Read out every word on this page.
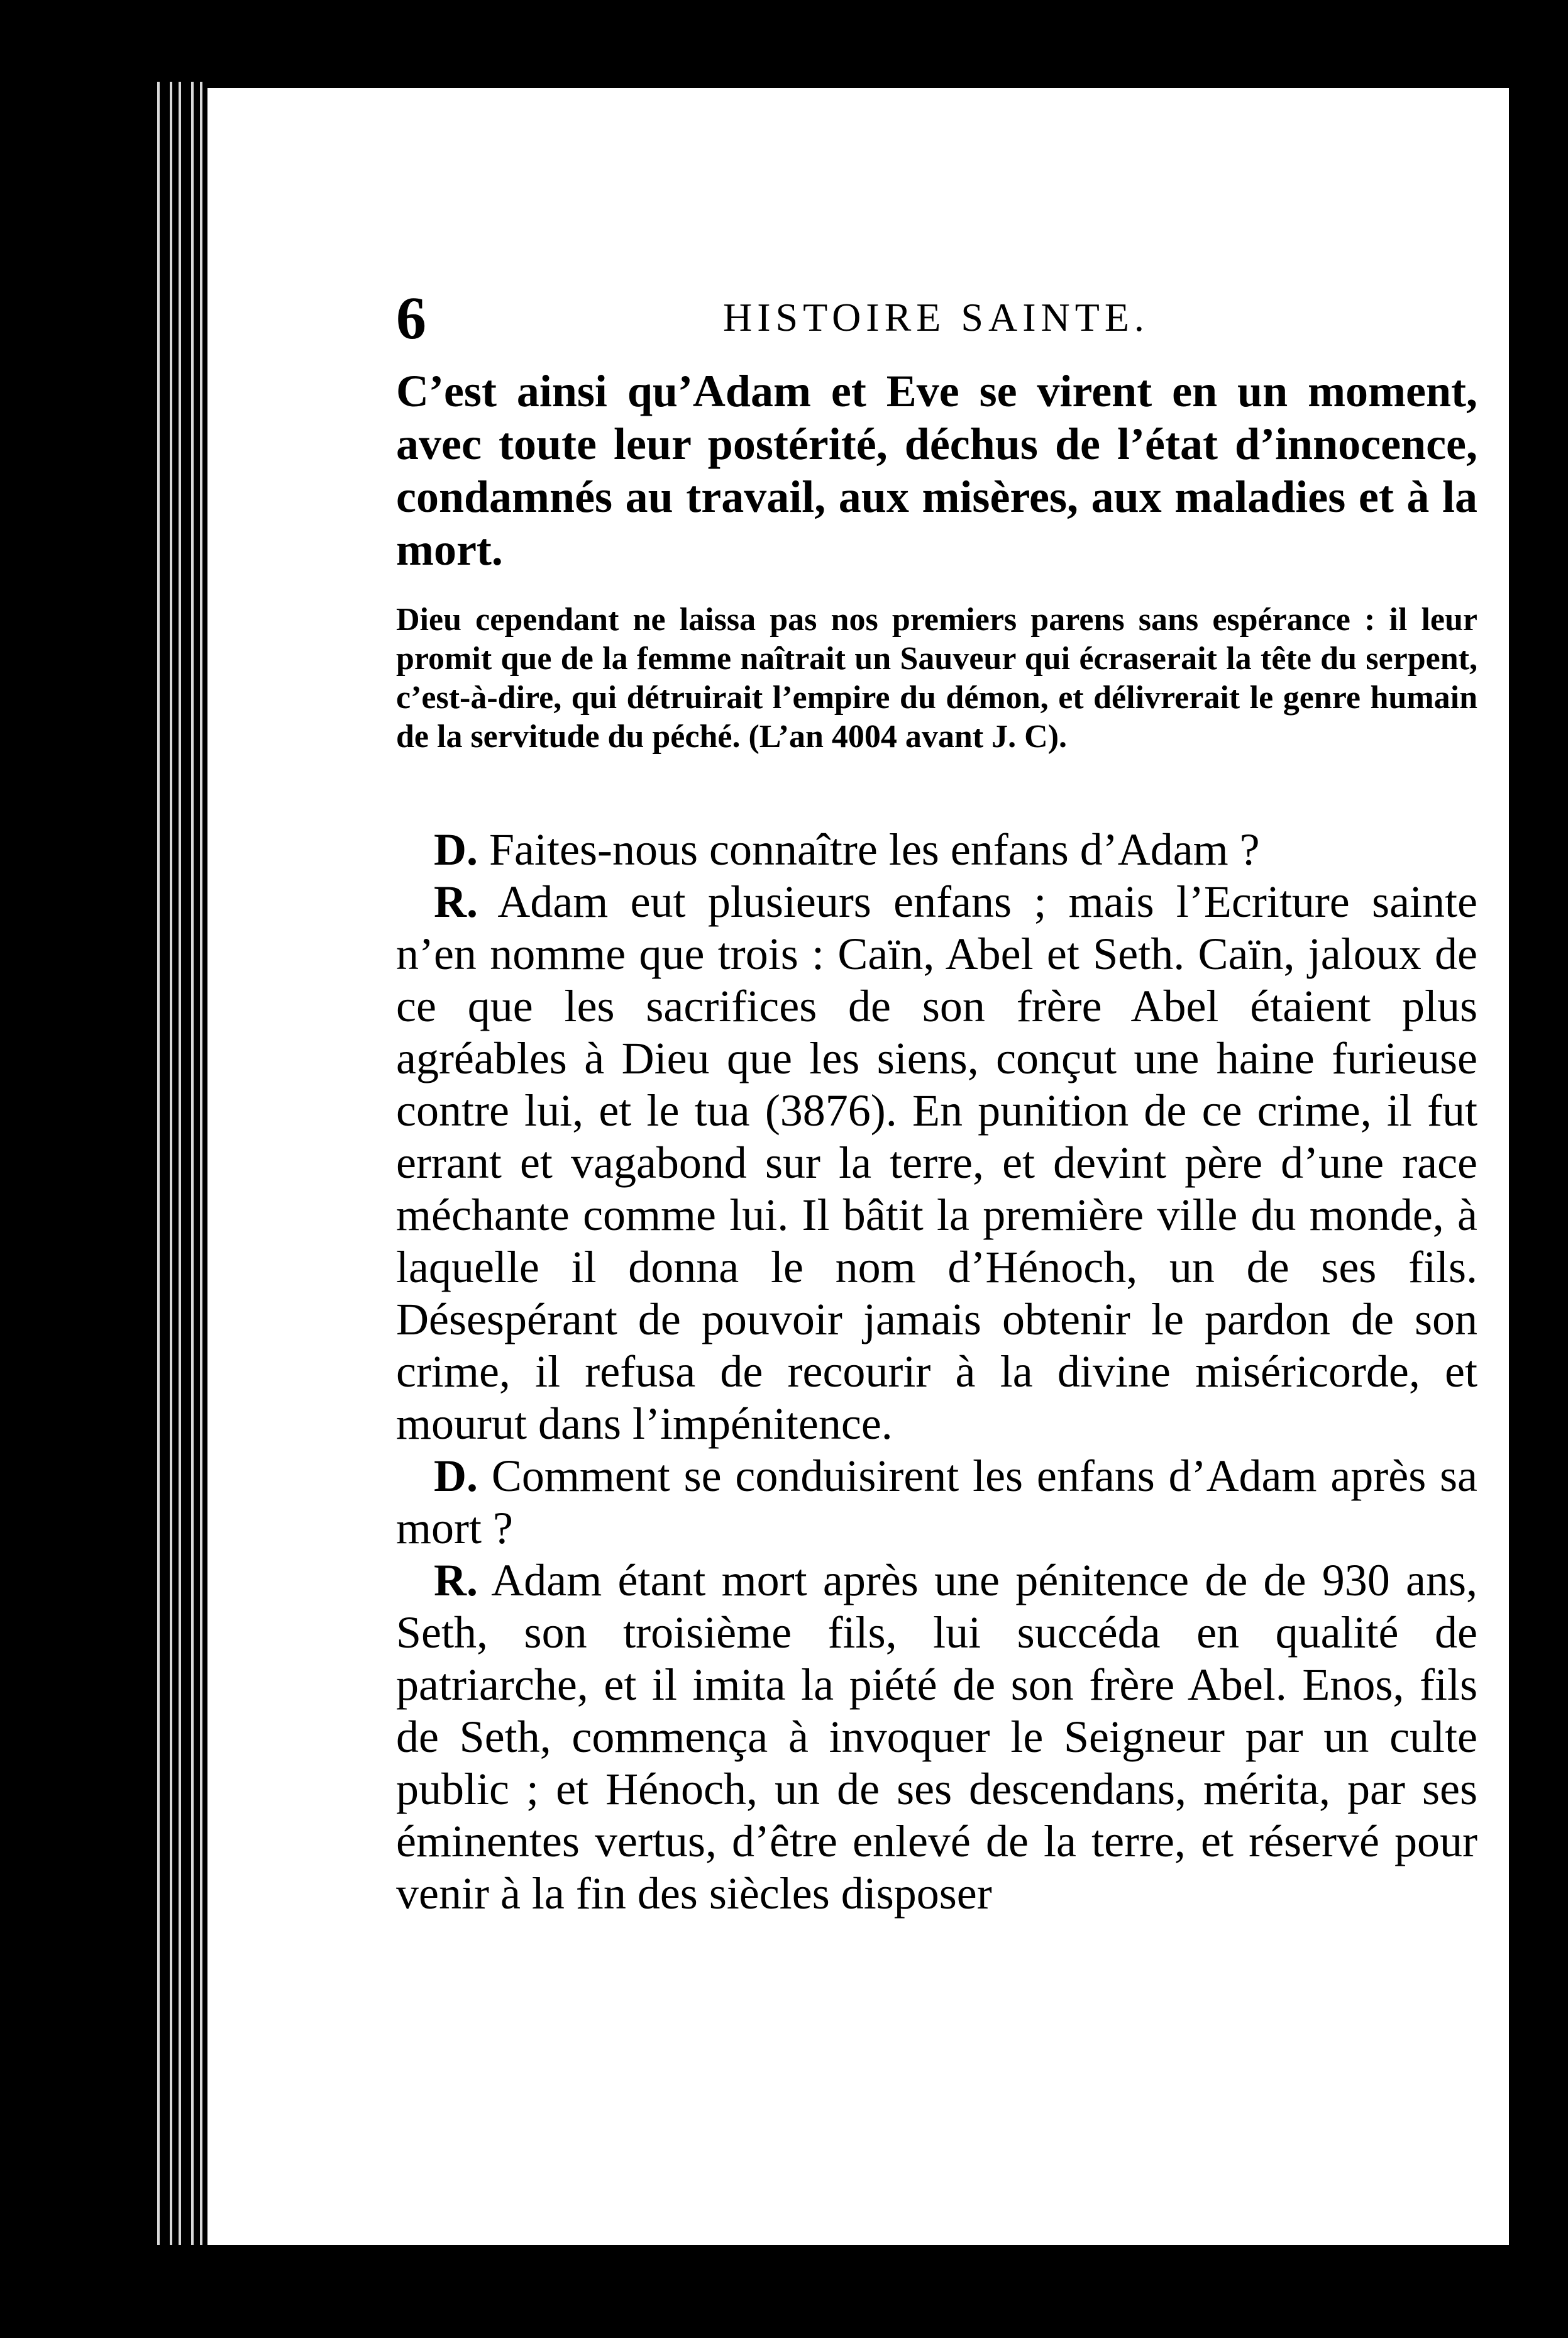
6	HISTOIRE SAINTE.

C’est ainsi qu’Adam et Eve se virent en un moment, avec toute leur postérité, déchus de l’état d’innocence, condamnés au travail, aux misères, aux maladies et à la mort.

Dieu cependant ne laissa pas nos premiers parens sans espérance : il leur promit que de la femme naîtrait un Sauveur qui écraserait la tête du serpent, c’est-à-dire, qui détruirait l’empire du démon, et délivrerait le genre humain de la servitude du péché. (L’an 4004 avant J. C).

D. Faites-nous connaître les enfans d’Adam ?

R. Adam eut plusieurs enfans ; mais l’Ecriture sainte n’en nomme que trois : Caïn, Abel et Seth. Caïn, jaloux de ce que les sacrifices de son frère Abel étaient plus agréables à Dieu que les siens, conçut une haine furieuse contre lui, et le tua (3876). En punition de ce crime, il fut errant et vagabond sur la terre, et devint père d’une race méchante comme lui. Il bâtit la première ville du monde, à laquelle il donna le nom d’Hénoch, un de ses fils. Désespérant de pouvoir jamais obtenir le pardon de son crime, il refusa de recourir à la divine miséricorde, et mourut dans l’impénitence.

D. Comment se conduisirent les enfans d’Adam après sa mort ?

R. Adam étant mort après une pénitence de de 930 ans, Seth, son troisième fils, lui succéda en qualité de patriarche, et il imita la piété de son frère Abel. Enos, fils de Seth, commença à invoquer le Seigneur par un culte public ; et Hénoch, un de ses descendans, mérita, par ses éminentes vertus, d’être enlevé de la terre, et réservé pour venir à la fin des siècles disposer
